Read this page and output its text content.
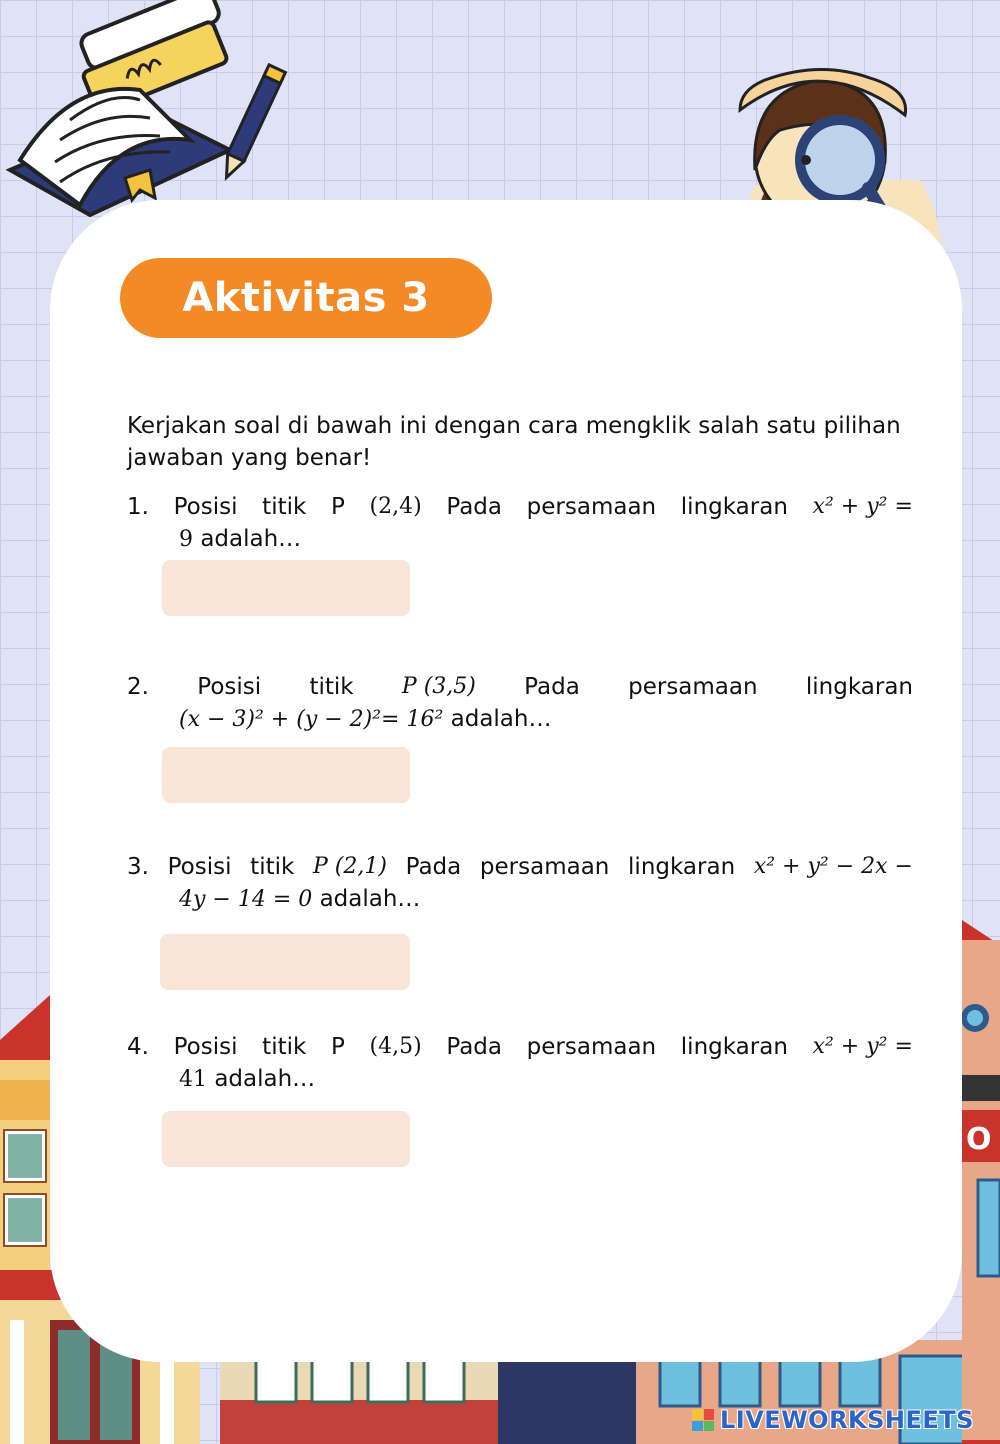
O
Aktivitas 3
Kerjakan soal di bawah ini dengan cara mengklik salah satu pilihan jawaban yang benar!
1. Posisi titik P (2,4) Pada persamaan lingkaran x² + y² =
9 adalah…
2. Posisi titik P (3,5) Pada persamaan lingkaran
(x − 3)² + (y − 2)²= 16² adalah…
3. Posisi titik P (2,1) Pada persamaan lingkaran x² + y² − 2x −
4y − 14 = 0 adalah…
4. Posisi titik P (4,5) Pada persamaan lingkaran x² + y² =
41 adalah…
LIVEWORKSHEETS
